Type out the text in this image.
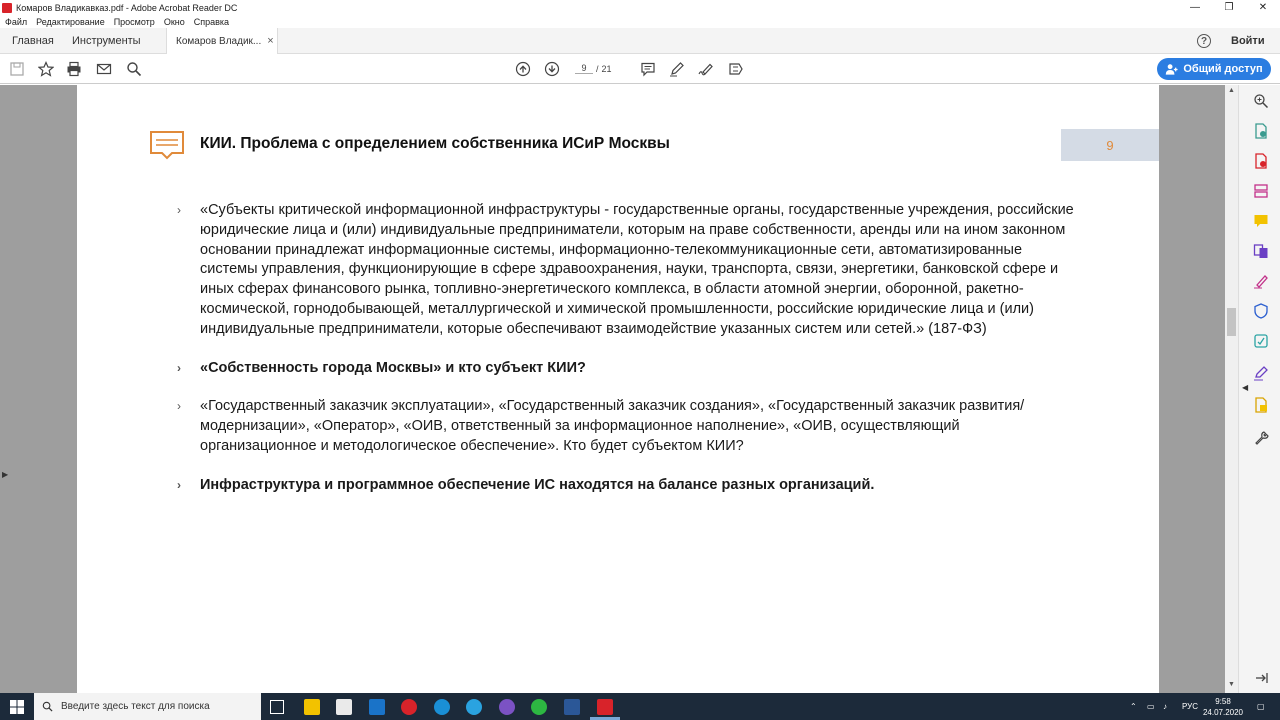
Комаров Владикавказ.pdf - Adobe Acrobat Reader DC	—	❐	✕
Файл Редактирование Просмотр Окно Справка
Главная Инструменты	Комаров Владик... ×	?	Войти
9	/ 21	Общий доступ
▶
КИИ. Проблема с определением собственника ИСиР Москвы	9
› «Субъекты критической информационной инфраструктуры - государственные органы, государственные учреждения, российские юридические лица и (или) индивидуальные предприниматели, которым на праве собственности, аренды или на ином законном основании принадлежат информационные системы, информационно-телекоммуникационные сети, автоматизированные системы управления, функционирующие в сфере здравоохранения, науки, транспорта, связи, энергетики, банковской сфере и иных сферах финансового рынка, топливно-энергетического комплекса, в области атомной энергии, оборонной, ракетно-космической, горнодобывающей, металлургической и химической промышленности, российские юридические лица и (или) индивидуальные предприниматели, которые обеспечивают взаимодействие указанных систем или сетей.» (187-ФЗ)
› «Собственность города Москвы» и кто субъект КИИ?
› «Государственный заказчик эксплуатации», «Государственный заказчик создания», «Государственный заказчик развития/модернизации», «Оператор», «ОИВ, ответственный за информационное наполнение», «ОИВ, осуществляющий организационное и методологическое обеспечение». Кто будет субъектом КИИ?
› Инфраструктура и программное обеспечение ИС находятся на балансе разных организаций.
▲
▼
◀
Введите здесь текст для поиска	⌃ ▭ ♪ РУС
9:58
24.07.2020
▢
